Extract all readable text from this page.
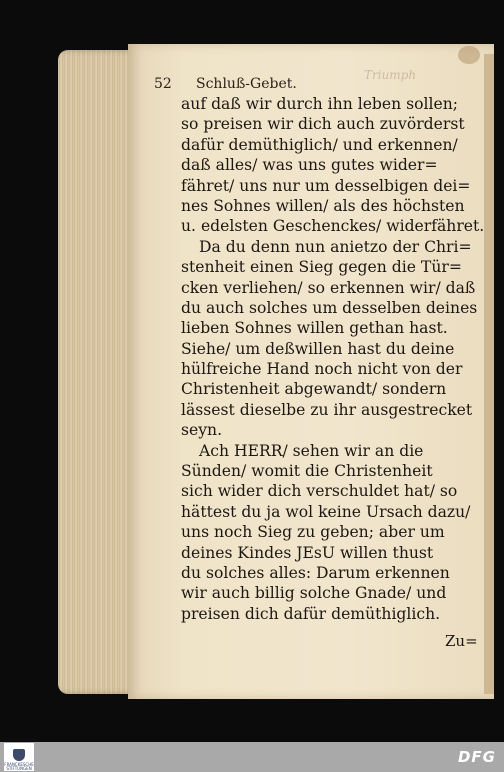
Triumph
52 Schluß-Gebet.
auf daß wir durch ihn leben sollen;
so preisen wir dich auch zuvörderst
dafür demüthiglich/ und erkennen/
daß alles/ was uns gutes wider=
fähret/ uns nur um desselbigen dei=
nes Sohnes willen/ als des höchsten
u. edelsten Geschenckes/ widerfähret.
Da du denn nun anietzo der Chri=
stenheit einen Sieg gegen die Tür=
cken verliehen/ so erkennen wir/ daß
du auch solches um desselben deines
lieben Sohnes willen gethan hast.
Siehe/ um deßwillen hast du deine
hülfreiche Hand noch nicht von der
Christenheit abgewandt/ sondern
lässest dieselbe zu ihr ausgestrecket
seyn.
Ach HERR/ sehen wir an die
Sünden/ womit die Christenheit
sich wider dich verschuldet hat/ so
hättest du ja wol keine Ursach dazu/
uns noch Sieg zu geben; aber um
deines Kindes JEsU willen thust
du solches alles: Darum erkennen
wir auch billig solche Gnade/ und
preisen dich dafür demüthiglich.
Zu=
FRANCKESCHE
STIFTUNGEN
DFG
